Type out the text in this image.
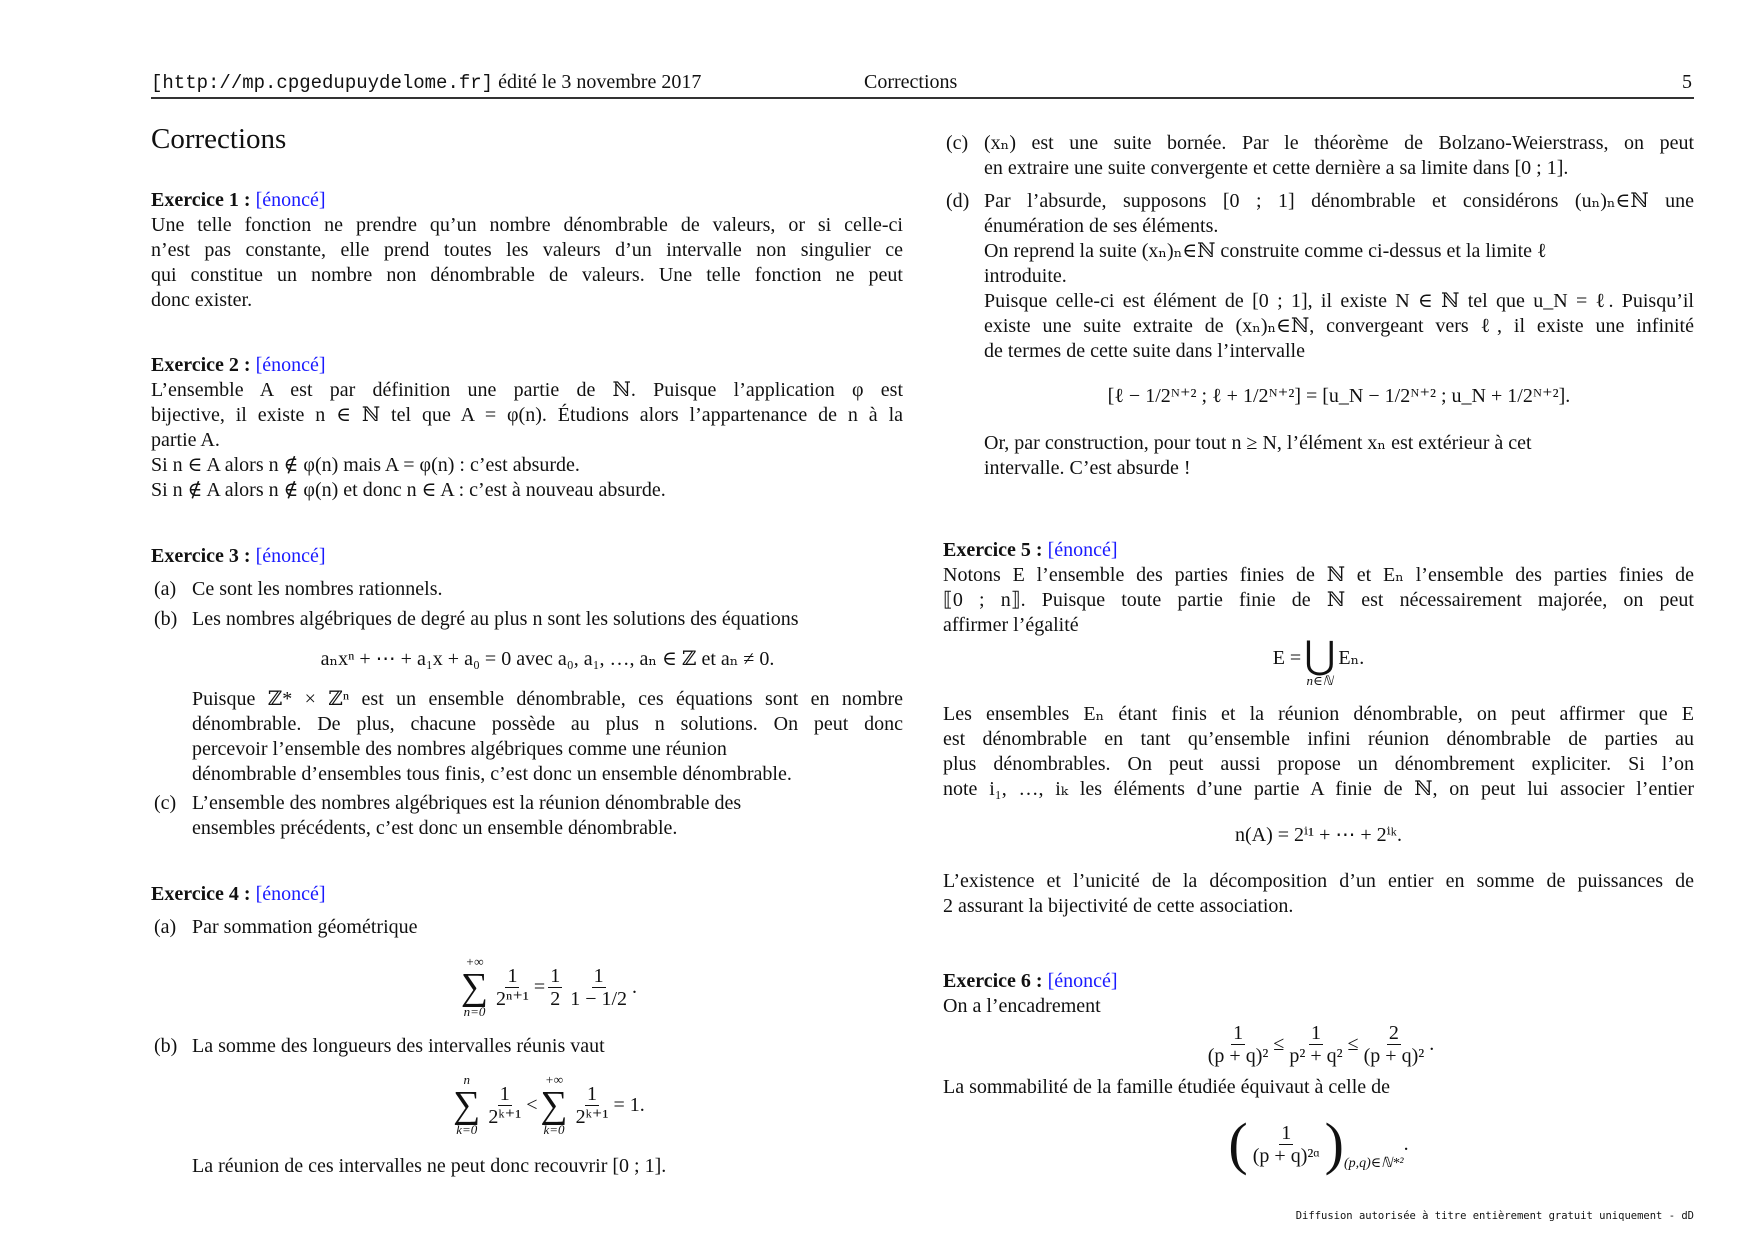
[http://mp.cpgedupuydelome.fr] édité le 3 novembre 2017	Corrections	5
Corrections
Exercice 1 : [énoncé]
Une telle fonction ne prendre qu’un nombre dénombrable de valeurs, or si celle-ci
n’est pas constante, elle prend toutes les valeurs d’un intervalle non singulier ce
qui constitue un nombre non dénombrable de valeurs. Une telle fonction ne peut
donc exister.
Exercice 2 : [énoncé]
L’ensemble A est par définition une partie de ℕ. Puisque l’application φ est
bijective, il existe n ∈ ℕ tel que A = φ(n). Étudions alors l’appartenance de n à la
partie A.
Si n ∈ A alors n ∉ φ(n) mais A = φ(n) : c’est absurde.
Si n ∉ A alors n ∉ φ(n) et donc n ∈ A : c’est à nouveau absurde.
Exercice 3 : [énoncé]
(a) Ce sont les nombres rationnels.
(b) Les nombres algébriques de degré au plus n sont les solutions des équations
aₙxⁿ + ⋯ + a₁x + a₀ = 0 avec a₀, a₁, …, aₙ ∈ ℤ et aₙ ≠ 0.
Puisque ℤ* × ℤⁿ est un ensemble dénombrable, ces équations sont en nombre
dénombrable. De plus, chacune possède au plus n solutions. On peut donc
percevoir l’ensemble des nombres algébriques comme une réunion
dénombrable d’ensembles tous finis, c’est donc un ensemble dénombrable.
(c) L’ensemble des nombres algébriques est la réunion dénombrable des
ensembles précédents, c’est donc un ensemble dénombrable.
Exercice 4 : [énoncé]
(a) Par sommation géométrique
+∞
∑
n=0
$\frac{1}{\text{2ⁿ⁺¹}} = \frac{1}{2} \frac{1}{1 - 1/2}$ .
(b) La somme des longueurs des intervalles réunis vaut
n
∑
k=0
$\frac{1}{\text{2ᵏ⁺¹}}$ <
+∞
∑
k=0
$\frac{1}{\text{2ᵏ⁺¹}} = 1$.
La réunion de ces intervalles ne peut donc recouvrir [0 ; 1].
(c) (xₙ) est une suite bornée. Par le théorème de Bolzano-Weierstrass, on peut
en extraire une suite convergente et cette dernière a sa limite dans [0 ; 1].
(d) Par l’absurde, supposons [0 ; 1] dénombrable et considérons (uₙ)ₙ∈ℕ une
énumération de ses éléments.
On reprend la suite (xₙ)ₙ∈ℕ construite comme ci-dessus et la limite ℓ
introduite.
Puisque celle-ci est élément de [0 ; 1], il existe N ∈ ℕ tel que u_N = ℓ. Puisqu’il
existe une suite extraite de (xₙ)ₙ∈ℕ, convergeant vers ℓ, il existe une infinité
de termes de cette suite dans l’intervalle
[ℓ − 1/2ᴺ⁺² ; ℓ + 1/2ᴺ⁺²] = [u_N − 1/2ᴺ⁺² ; u_N + 1/2ᴺ⁺²].
Or, par construction, pour tout n ≥ N, l’élément xₙ est extérieur à cet
intervalle. C’est absurde !
Exercice 5 : [énoncé]
Notons E l’ensemble des parties finies de ℕ et Eₙ l’ensemble des parties finies de
⟦0 ; n⟧. Puisque toute partie finie de ℕ est nécessairement majorée, on peut
affirmer l’égalité
E = ⋃
n∈ℕ
Eₙ.
Les ensembles Eₙ étant finis et la réunion dénombrable, on peut affirmer que E
est dénombrable en tant qu’ensemble infini réunion dénombrable de parties au
plus dénombrables. On peut aussi propose un dénombrement expliciter. Si l’on
note i₁, …, iₖ les éléments d’une partie A finie de ℕ, on peut lui associer l’entier
n(A) = 2ⁱ¹ + ⋯ + 2ⁱᵏ.
L’existence et l’unicité de la décomposition d’un entier en somme de puissances de
2 assurant la bijectivité de cette association.
Exercice 6 : [énoncé]
On a l’encadrement
$\frac{1}{\text{(p + q)²}} \le \frac{1}{\text{p² + q²}} \le \frac{2}{\text{(p + q)²}}$ .
La sommabilité de la famille étudiée équivaut à celle de
( $\frac{1}{\text{(p + q)²ᵅ}}$ ) (p,q)∈ℕ*²
.
Diffusion autorisée à titre entièrement gratuit uniquement - dD
